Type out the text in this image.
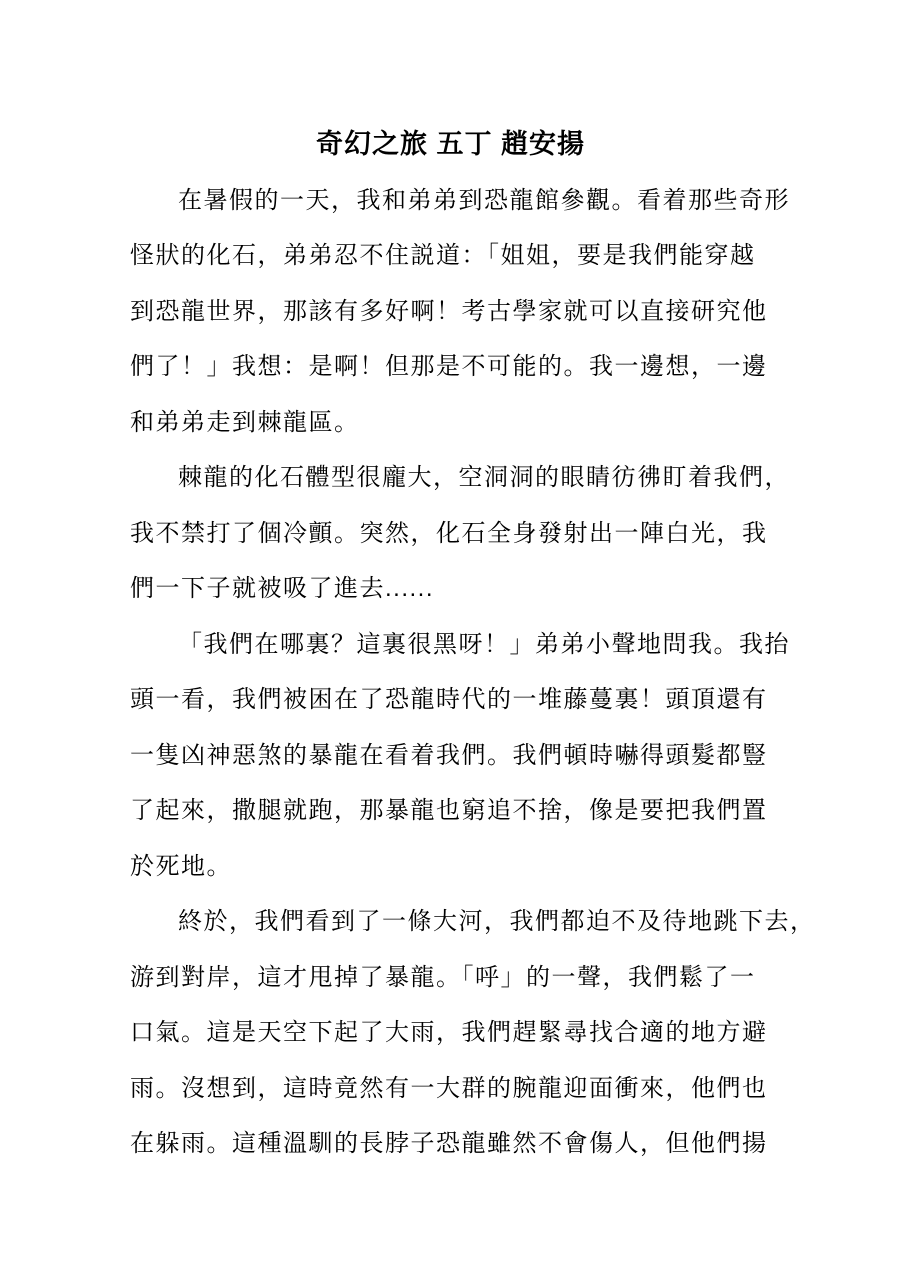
奇幻之旅 五丁 趙安揚
在暑假的一天，我和弟弟到恐龍館參觀。看着那些奇形
怪狀的化石，弟弟忍不住説道：「姐姐，要是我們能穿越
到恐龍世界，那該有多好啊！考古學家就可以直接研究他
們了！」我想：是啊！但那是不可能的。我一邊想，一邊
和弟弟走到棘龍區。
棘龍的化石體型很龐大，空洞洞的眼睛彷彿盯着我們，
我不禁打了個冷顫。突然，化石全身發射出一陣白光，我
們一下子就被吸了進去......
「我們在哪裏？這裏很黑呀！」弟弟小聲地問我。我抬
頭一看，我們被困在了恐龍時代的一堆藤蔓裏！頭頂還有
一隻凶神惡煞的暴龍在看着我們。我們頓時嚇得頭髮都豎
了起來，撒腿就跑，那暴龍也窮追不捨，像是要把我們置
於死地。
終於，我們看到了一條大河，我們都迫不及待地跳下去，
游到對岸，這才甩掉了暴龍。「呼」的一聲，我們鬆了一
口氣。這是天空下起了大雨，我們趕緊尋找合適的地方避
雨。沒想到，這時竟然有一大群的腕龍迎面衝來，他們也
在躲雨。這種溫馴的長脖子恐龍雖然不會傷人，但他們揚
